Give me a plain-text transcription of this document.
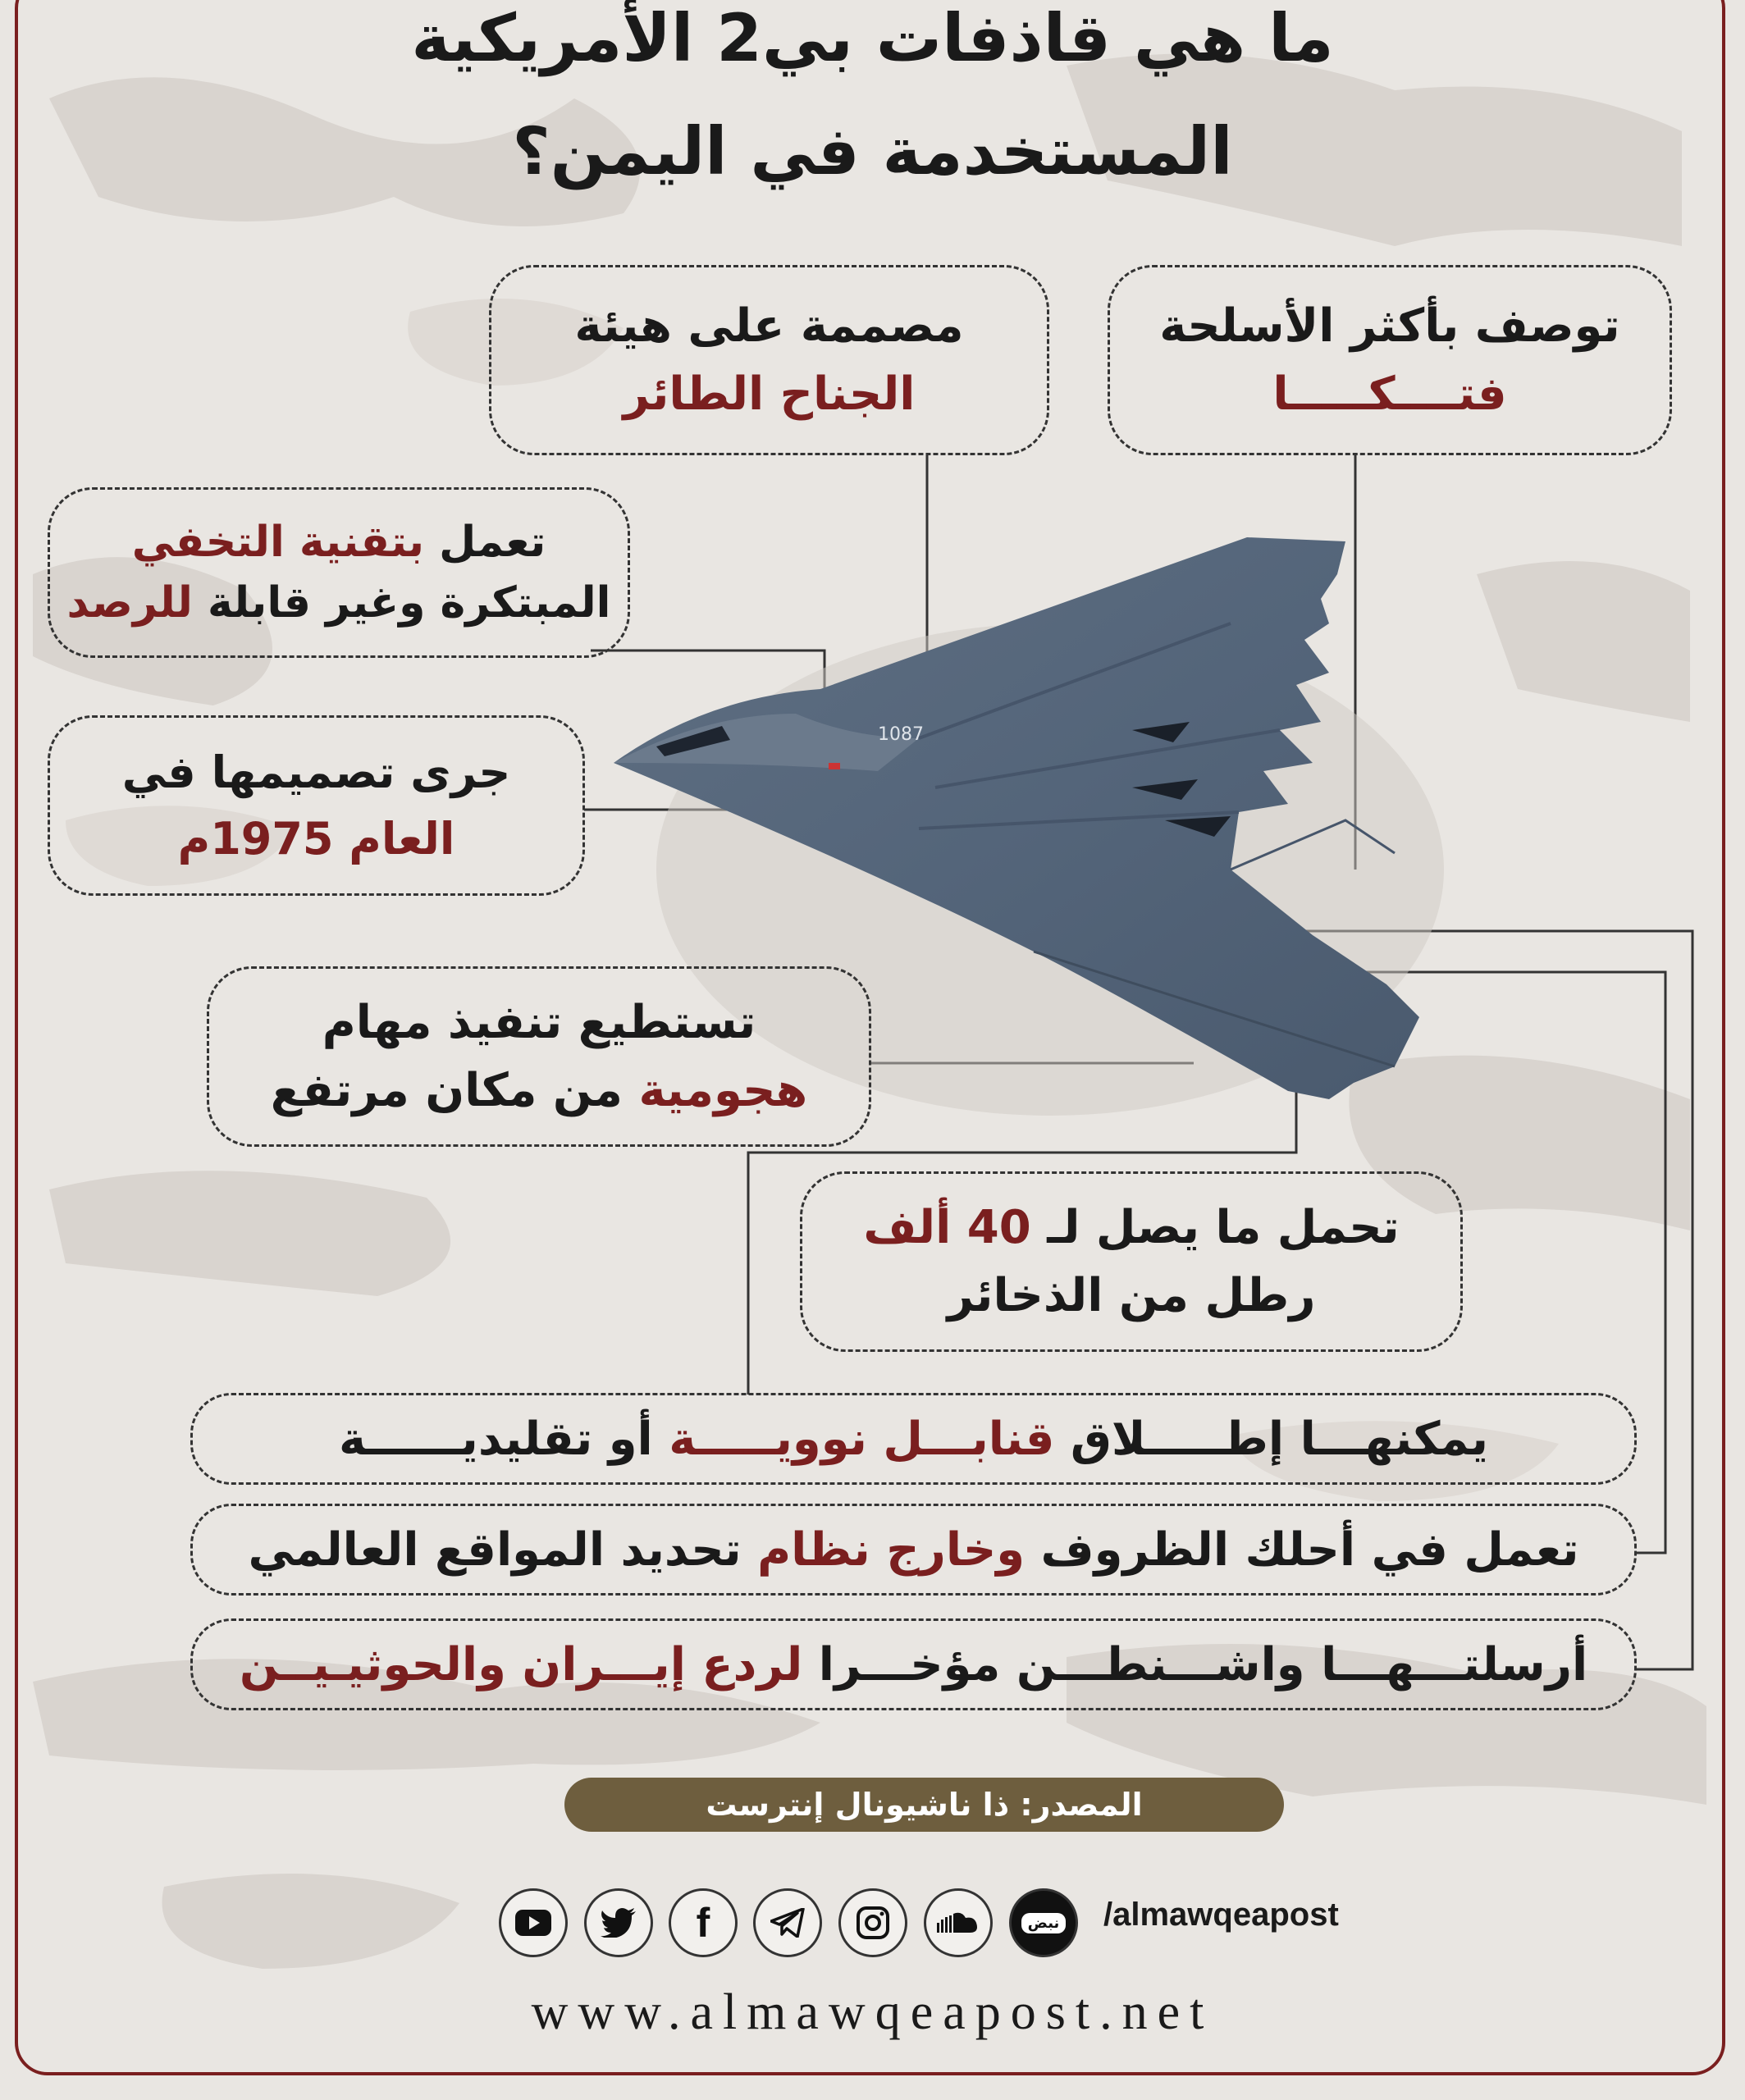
ما هي قاذفات بي2 الأمريكية
المستخدمة في اليمن؟
1087
توصف بأكثر الأسلحة
فتــــكـــــا
مصممة على هيئة
الجناح الطائر
تعمل بتقنية التخفي
المبتكرة وغير قابلة للرصد
جرى تصميمها في
العام 1975م
تستطيع تنفيذ مهام
هجومية من مكان مرتفع
تحمل ما يصل لـ 40 ألف
رطل من الذخائر
يمكنهـــا إطـــــلاق قنابـــل نوويـــــة أو تقليديــــــة
تعمل في أحلك الظروف وخارج نظام تحديد المواقع العالمي
أرسلتـــهـــا واشـــنطـــن مؤخـــرا لردع إيـــران والحوثيـيــن
المصدر: ذا ناشيونال إنترست
f	نبض /almawqeapost
www.almawqeapost.net
